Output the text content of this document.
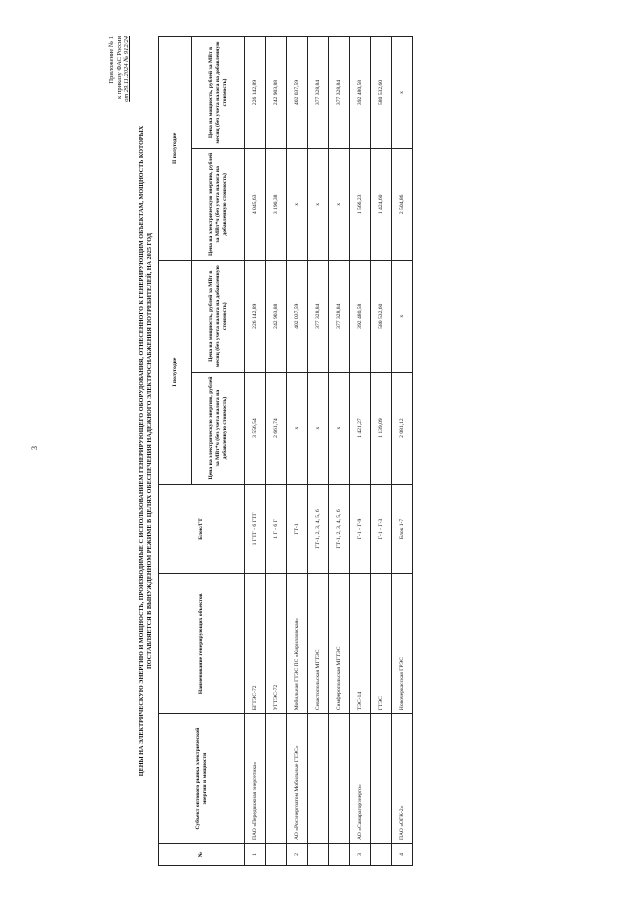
3
Приложение № 1 к приказу ФАС России от 29.11.2024 № 912/24
ЦЕНЫ НА ЭЛЕКТРИЧЕСКУЮ ЭНЕРГИЮ И МОЩНОСТЬ, ПРОИЗВОДИМЫЕ С ИСПОЛЬЗОВАНИЕМ ГЕНЕРИРУЮЩЕГО ОБОРУДОВАНИЯ, ОТНЕСЕННОГО К ГЕНЕРИРУЮЩИМ ОБЪЕКТАМ, МОЩНОСТЬ КОТОРЫХ ПОСТАВЛЯЕТСЯ В ВЫНУЖДЕННОМ РЕЖИМЕ В ЦЕЛЯХ ОБЕСПЕЧЕНИЯ НАДЕЖНОГО ЭЛЕКТРОСНАБЖЕНИЯ ПОТРЕБИТЕЛЕЙ, НА 2025 ГОД
№	Субъект оптового рынка электрической энергии и мощности	Наименование генерирующих объектов	Блок/ГТ	I полугодие		II полугодие	
				Цена на электрическую энергию, рублей за МВт*ч (без учета налога на добавленную стоимость)	Цена на мощность, рублей за МВт в месяц (без учета налога на добавленную стоимость)	Цена на электрическую энергию, рублей за МВт*ч (без учета налога на добавленную стоимость)	Цена на мощность, рублей за МВт в месяц (без учета налога на добавленную стоимость)
1	ПАО «Передвижная энергетика»	БГТЭС-72	1 ГТГ - 6 ГТГ	3 556,54	226 142,89	4 045,63	226 142,89
		УГТЭС-72	1 Г - 6 Г	2 661,74	242 903,88	3 190,38	242 903,88
2	АО «Росэнергоатом Мобильные ГТЭС»	Мобильная ГТЭС ПС «Кирилловская»	ГТ-1	x	402 037,59	x	402 037,59
		Севастопольская МГТЭС	ГТ-1, 2, 3, 4, 5, 6	x	377 328,84	x	377 328,84
		Симферопольская МГТЭС	ГТ-1, 2, 3, 4, 5, 6	x	377 328,84	x	377 328,84
3	АО «Самарагорэнерго»	ТЭС-14	Г-1 - Г-9	1 421,27	392 480,58	1 566,23	392 480,58
		ГТЭС	Г-1 - Г-3	1 139,09	580 532,60	1 424,60	580 532,60
4	ПАО «ОГК-2»	Новочеркасская ГРЭС	Блок 1-7	2 081,12	x	2 504,86	x
